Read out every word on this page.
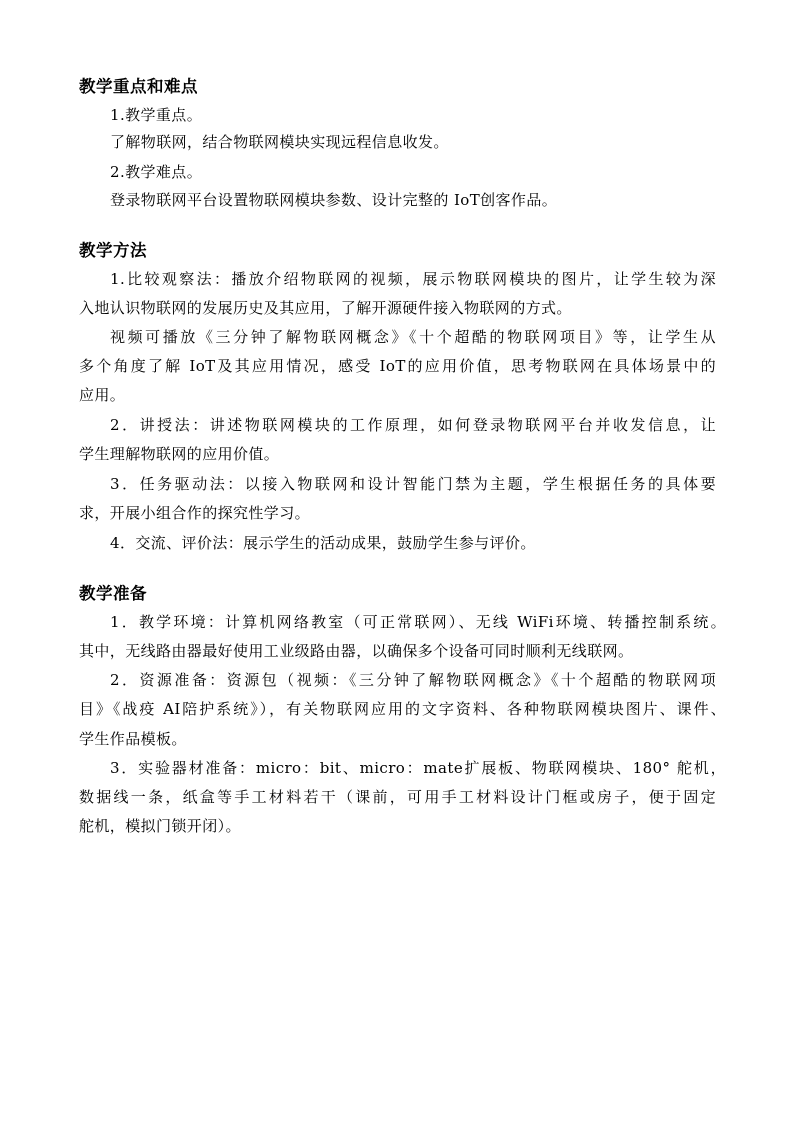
教学重点和难点
1.教学重点。
了解物联网，结合物联网模块实现远程信息收发。
2.教学难点。
登录物联网平台设置物联网模块参数、设计完整的 IoT创客作品。
教学方法
1.比较观察法：播放介绍物联网的视频，展示物联网模块的图片，让学生较为深
入地认识物联网的发展历史及其应用，了解开源硬件接入物联网的方式。
视频可播放《三分钟了解物联网概念》《十个超酷的物联网项目》等，让学生从
多个角度了解 IoT及其应用情况，感受 IoT的应用价值，思考物联网在具体场景中的
应用。
2．讲授法：讲述物联网模块的工作原理，如何登录物联网平台并收发信息，让
学生理解物联网的应用价值。
3．任务驱动法：以接入物联网和设计智能门禁为主题，学生根据任务的具体要
求，开展小组合作的探究性学习。
4．交流、评价法：展示学生的活动成果，鼓励学生参与评价。
教学准备
1．教学环境：计算机网络教室（可正常联网）、无线 WiFi环境、转播控制系统。
其中，无线路由器最好使用工业级路由器，以确保多个设备可同时顺利无线联网。
2．资源准备：资源包（视频：《三分钟了解物联网概念》《十个超酷的物联网项
目》《战疫 AI陪护系统》），有关物联网应用的文字资料、各种物联网模块图片、课件、
学生作品模板。
3．实验器材准备：micro：bit、micro：mate扩展板、物联网模块、180° 舵机，
数据线一条，纸盒等手工材料若干（课前，可用手工材料设计门框或房子，便于固定
舵机，模拟门锁开闭）。
